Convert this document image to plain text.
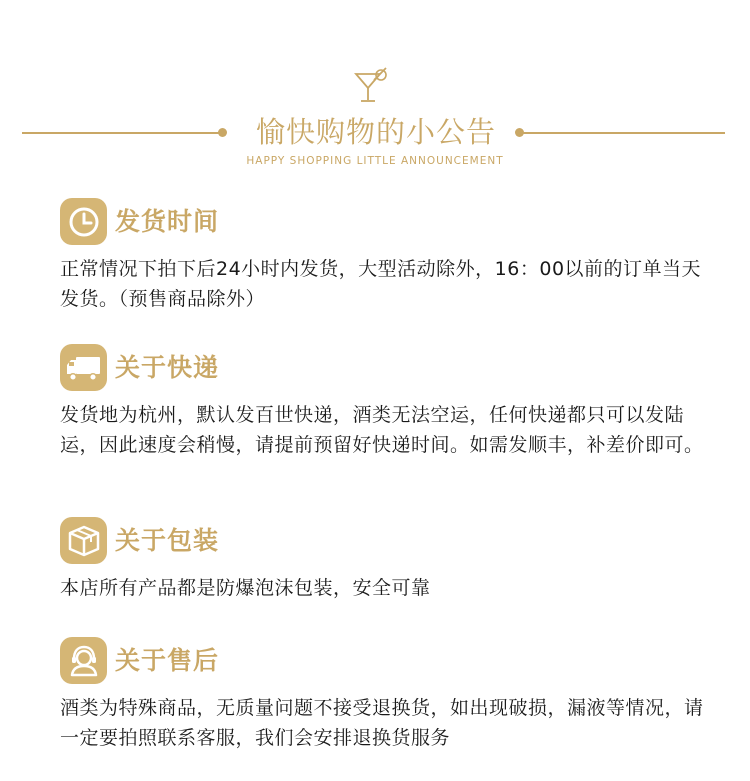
愉快购物的小公告
HAPPY SHOPPING LITTLE ANNOUNCEMENT
发货时间
正常情况下拍下后24小时内发货，大型活动除外，16：00以前的订单当天发货。（预售商品除外）
关于快递
发货地为杭州，默认发百世快递，酒类无法空运，任何快递都只可以发陆运，因此速度会稍慢，请提前预留好快递时间。如需发顺丰，补差价即可。
关于包装
本店所有产品都是防爆泡沫包装，安全可靠
关于售后
酒类为特殊商品，无质量问题不接受退换货，如出现破损，漏液等情况，请一定要拍照联系客服，我们会安排退换货服务
